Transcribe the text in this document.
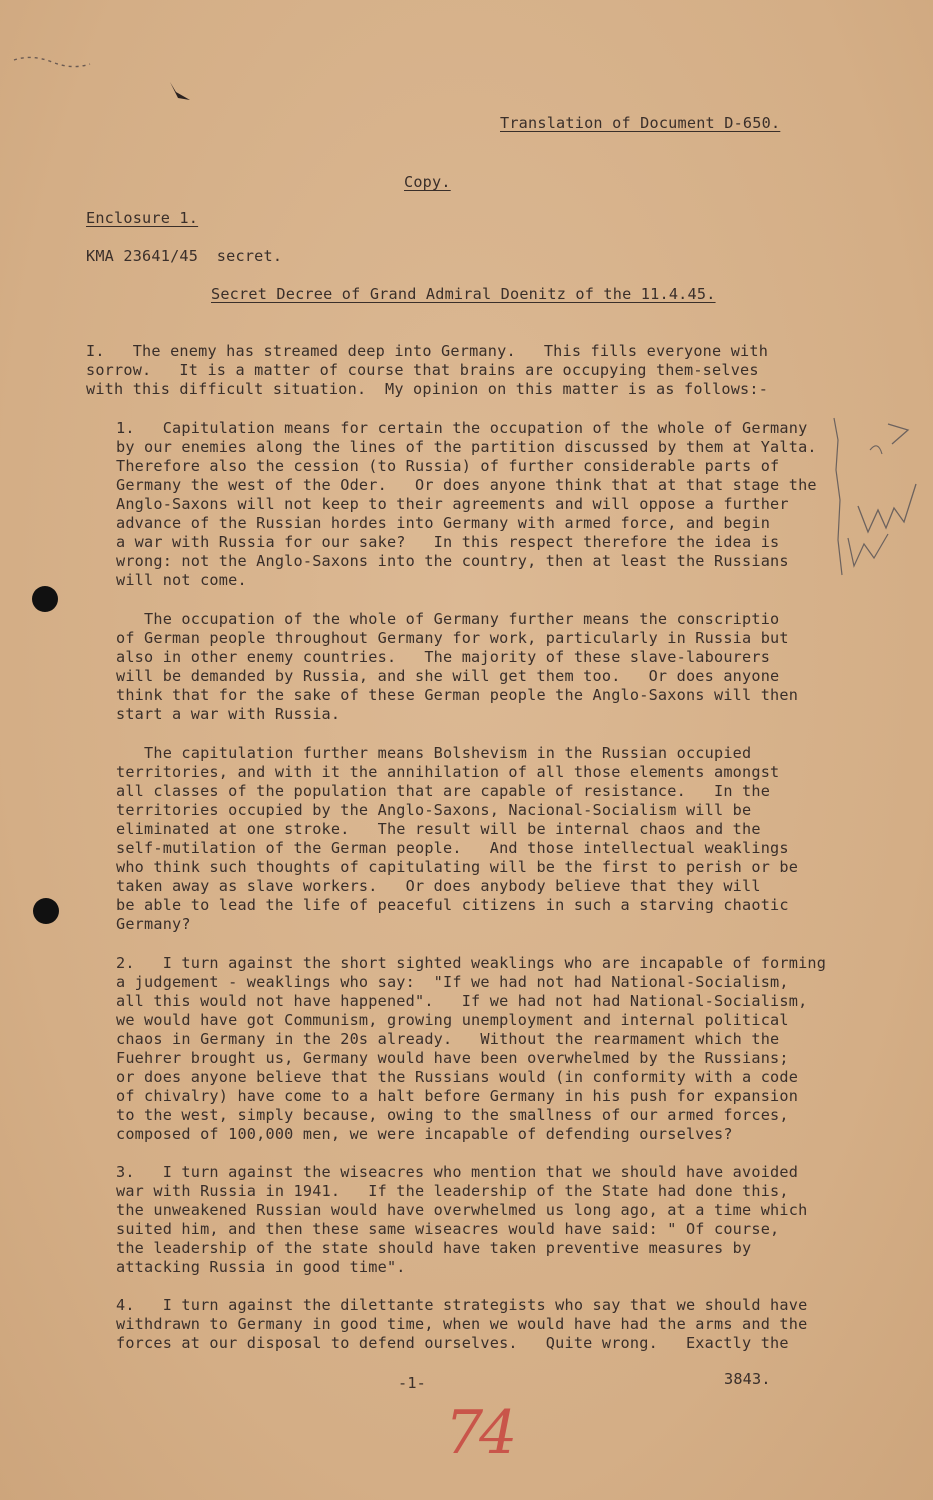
Translation of Document D-650.
Copy.
Enclosure 1.
KMA 23641/45  secret.
Secret Decree of Grand Admiral Doenitz of the 11.4.45.
I.   The enemy has streamed deep into Germany.   This fills everyone with
sorrow.   It is a matter of course that brains are occupying them-selves
with this difficult situation.  My opinion on this matter is as follows:-
1.   Capitulation means for certain the occupation of the whole of Germany
by our enemies along the lines of the partition discussed by them at Yalta.
Therefore also the cession (to Russia) of further considerable parts of
Germany the west of the Oder.   Or does anyone think that at that stage the
Anglo-Saxons will not keep to their agreements and will oppose a further
advance of the Russian hordes into Germany with armed force, and begin
a war with Russia for our sake?   In this respect therefore the idea is
wrong: not the Anglo-Saxons into the country, then at least the Russians
will not come.
The occupation of the whole of Germany further means the conscriptio
of German people throughout Germany for work, particularly in Russia but
also in other enemy countries.   The majority of these slave-labourers
will be demanded by Russia, and she will get them too.   Or does anyone
think that for the sake of these German people the Anglo-Saxons will then
start a war with Russia.
The capitulation further means Bolshevism in the Russian occupied
territories, and with it the annihilation of all those elements amongst
all classes of the population that are capable of resistance.   In the
territories occupied by the Anglo-Saxons, Nacional-Socialism will be
eliminated at one stroke.   The result will be internal chaos and the
self-mutilation of the German people.   And those intellectual weaklings
who think such thoughts of capitulating will be the first to perish or be
taken away as slave workers.   Or does anybody believe that they will
be able to lead the life of peaceful citizens in such a starving chaotic
Germany?
2.   I turn against the short sighted weaklings who are incapable of forming
a judgement - weaklings who say:  "If we had not had National-Socialism,
all this would not have happened".   If we had not had National-Socialism,
we would have got Communism, growing unemployment and internal political
chaos in Germany in the 20s already.   Without the rearmament which the
Fuehrer brought us, Germany would have been overwhelmed by the Russians;
or does anyone believe that the Russians would (in conformity with a code
of chivalry) have come to a halt before Germany in his push for expansion
to the west, simply because, owing to the smallness of our armed forces,
composed of 100,000 men, we were incapable of defending ourselves?
3.   I turn against the wiseacres who mention that we should have avoided
war with Russia in 1941.   If the leadership of the State had done this,
the unweakened Russian would have overwhelmed us long ago, at a time which
suited him, and then these same wiseacres would have said: " Of course,
the leadership of the state should have taken preventive measures by
attacking Russia in good time".
4.   I turn against the dilettante strategists who say that we should have
withdrawn to Germany in good time, when we would have had the arms and the
forces at our disposal to defend ourselves.   Quite wrong.   Exactly the
-1-	3843.
74
